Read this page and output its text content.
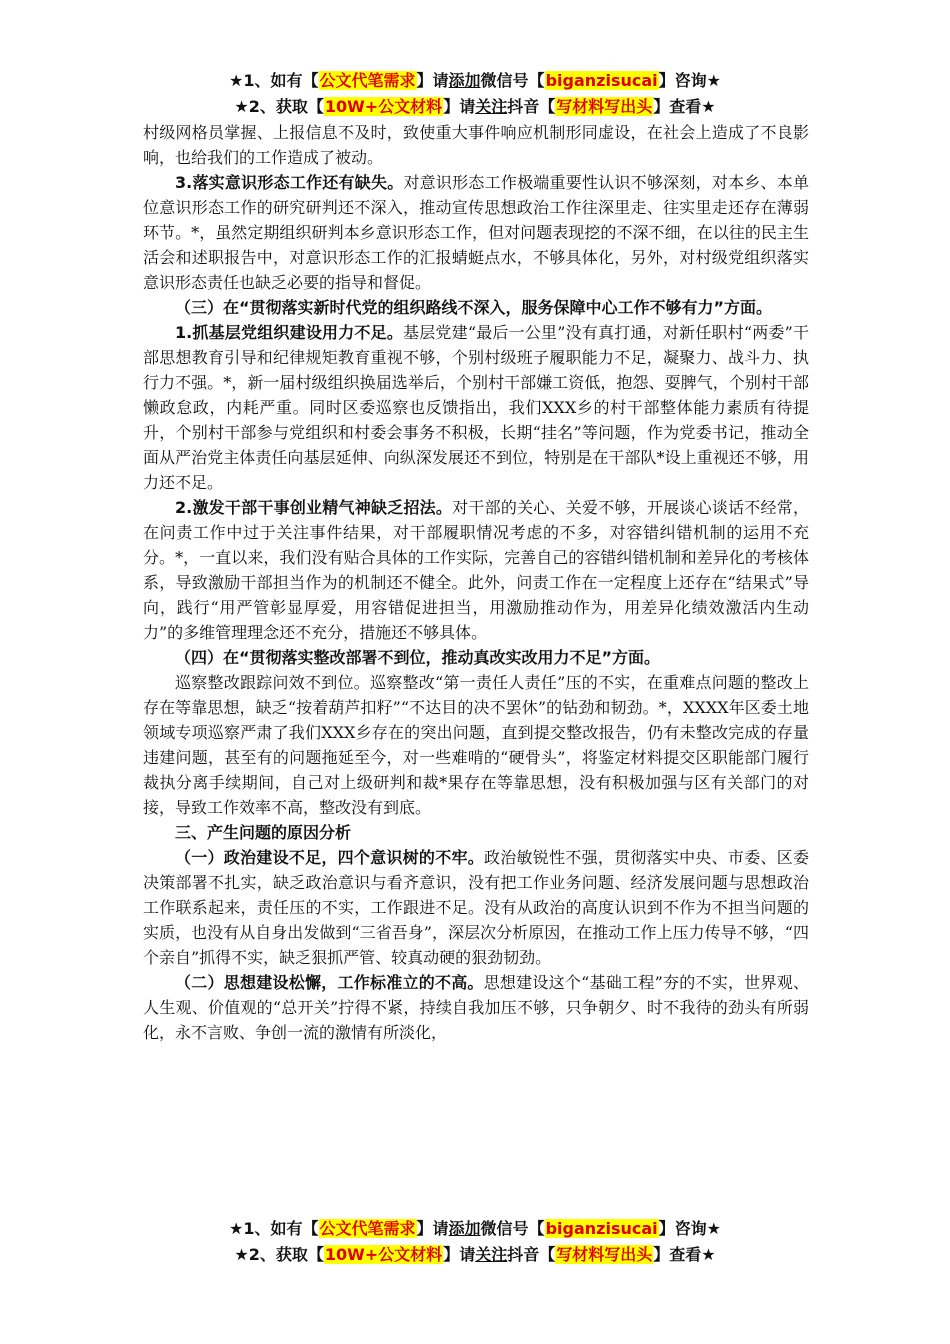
★1、如有【公文代笔需求】请添加微信号【biganzisucai】咨询★
★2、获取【10W+公文材料】请关注抖音【写材料写出头】查看★

村级网格员掌握、上报信息不及时，致使重大事件响应机制形同虚设，在社会上造成了不良影响，也给我们的工作造成了被动。

3.落实意识形态工作还有缺失。对意识形态工作极端重要性认识不够深刻，对本乡、本单位意识形态工作的研究研判还不深入，推动宣传思想政治工作往深里走、往实里走还存在薄弱环节。*，虽然定期组织研判本乡意识形态工作，但对问题表现挖的不深不细，在以往的民主生活会和述职报告中，对意识形态工作的汇报蜻蜓点水，不够具体化，另外，对村级党组织落实意识形态责任也缺乏必要的指导和督促。

（三）在“贯彻落实新时代党的组织路线不深入，服务保障中心工作不够有力”方面。

1.抓基层党组织建设用力不足。基层党建“最后一公里”没有真打通，对新任职村“两委”干部思想教育引导和纪律规矩教育重视不够，个别村级班子履职能力不足，凝聚力、战斗力、执行力不强。*，新一届村级组织换届选举后，个别村干部嫌工资低，抱怨、耍脾气，个别村干部懒政怠政，内耗严重。同时区委巡察也反馈指出，我们XXX乡的村干部整体能力素质有待提升，个别村干部参与党组织和村委会事务不积极，长期“挂名”等问题，作为党委书记，推动全面从严治党主体责任向基层延伸、向纵深发展还不到位，特别是在干部队*设上重视还不够，用力还不足。

2.激发干部干事创业精气神缺乏招法。对干部的关心、关爱不够，开展谈心谈话不经常，在问责工作中过于关注事件结果，对干部履职情况考虑的不多，对容错纠错机制的运用不充分。*，一直以来，我们没有贴合具体的工作实际，完善自己的容错纠错机制和差异化的考核体系，导致激励干部担当作为的机制还不健全。此外，问责工作在一定程度上还存在“结果式”导向，践行“用严管彰显厚爱，用容错促进担当，用激励推动作为，用差异化绩效激活内生动力”的多维管理理念还不充分，措施还不够具体。

（四）在“贯彻落实整改部署不到位，推动真改实改用力不足”方面。

巡察整改跟踪问效不到位。巡察整改“第一责任人责任”压的不实，在重难点问题的整改上存在等靠思想，缺乏“按着葫芦扣籽”“不达目的决不罢休”的钻劲和韧劲。*，XXXX年区委土地领域专项巡察严肃了我们XXX乡存在的突出问题，直到提交整改报告，仍有未整改完成的存量违建问题，甚至有的问题拖延至今，对一些难啃的“硬骨头”，将鉴定材料提交区职能部门履行裁执分离手续期间，自己对上级研判和裁*果存在等靠思想，没有积极加强与区有关部门的对接，导致工作效率不高，整改没有到底。

三、产生问题的原因分析

（一）政治建设不足，四个意识树的不牢。政治敏锐性不强，贯彻落实中央、市委、区委决策部署不扎实，缺乏政治意识与看齐意识，没有把工作业务问题、经济发展问题与思想政治工作联系起来，责任压的不实，工作跟进不足。没有从政治的高度认识到不作为不担当问题的实质，也没有从自身出发做到“三省吾身”，深层次分析原因，在推动工作上压力传导不够，“四个亲自”抓得不实，缺乏狠抓严管、较真动硬的狠劲韧劲。

（二）思想建设松懈，工作标准立的不高。思想建设这个“基础工程”夯的不实，世界观、人生观、价值观的“总开关”拧得不紧，持续自我加压不够，只争朝夕、时不我待的劲头有所弱化，永不言败、争创一流的激情有所淡化，

★1、如有【公文代笔需求】请添加微信号【biganzisucai】咨询★
★2、获取【10W+公文材料】请关注抖音【写材料写出头】查看★
